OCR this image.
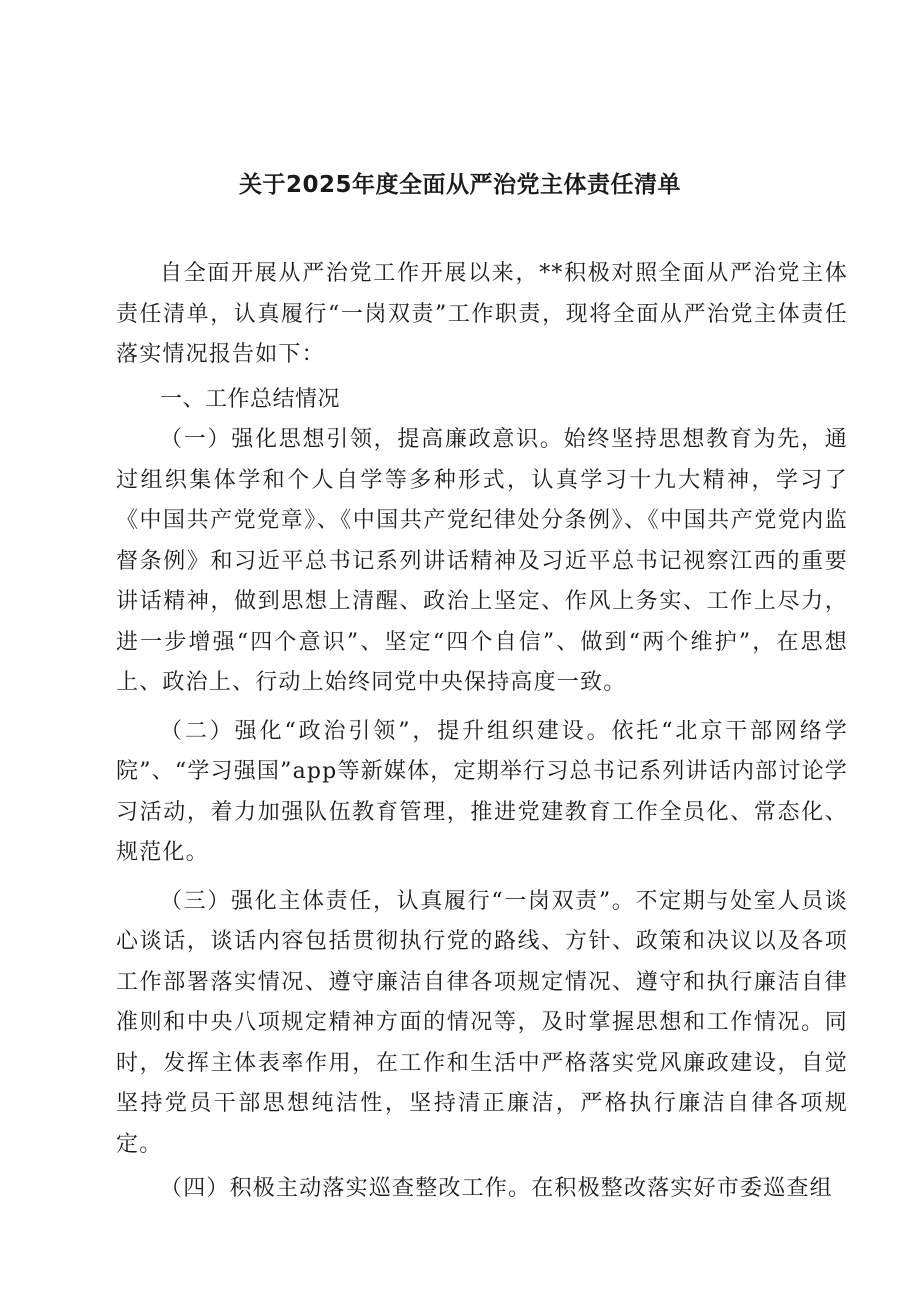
关于2025年度全面从严治党主体责任清单

自全面开展从严治党工作开展以来，**积极对照全面从严治党主体责任清单，认真履行“一岗双责”工作职责，现将全面从严治党主体责任落实情况报告如下：

一、工作总结情况

（一）强化思想引领，提高廉政意识。始终坚持思想教育为先，通过组织集体学和个人自学等多种形式，认真学习十九大精神，学习了《中国共产党党章》、《中国共产党纪律处分条例》、《中国共产党党内监督条例》和习近平总书记系列讲话精神及习近平总书记视察江西的重要讲话精神，做到思想上清醒、政治上坚定、作风上务实、工作上尽力，进一步增强“四个意识”、坚定“四个自信”、做到“两个维护”，在思想上、政治上、行动上始终同党中央保持高度一致。

（二）强化“政治引领”，提升组织建设。依托“北京干部网络学院”、“学习强国”app等新媒体，定期举行习总书记系列讲话内部讨论学习活动，着力加强队伍教育管理，推进党建教育工作全员化、常态化、规范化。

（三）强化主体责任，认真履行“一岗双责”。不定期与处室人员谈心谈话，谈话内容包括贯彻执行党的路线、方针、政策和决议以及各项工作部署落实情况、遵守廉洁自律各项规定情况、遵守和执行廉洁自律准则和中央八项规定精神方面的情况等，及时掌握思想和工作情况。同时，发挥主体表率作用，在工作和生活中严格落实党风廉政建设，自觉坚持党员干部思想纯洁性，坚持清正廉洁，严格执行廉洁自律各项规定。

（四）积极主动落实巡查整改工作。在积极整改落实好市委巡查组
